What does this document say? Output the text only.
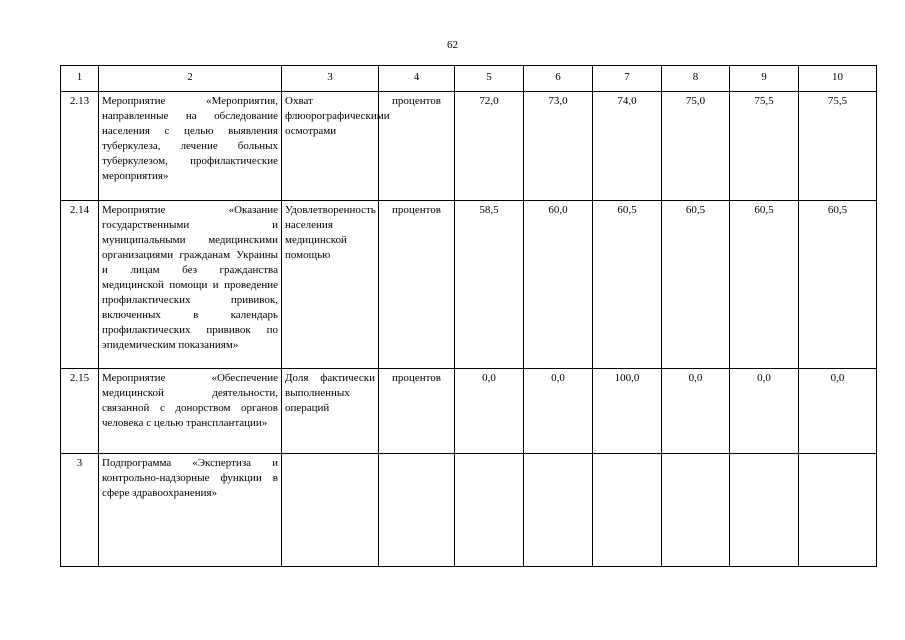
62
1	2	3	4	5	6	7	8	9	10
2.13	Мероприятие «Мероприятия, направленные на обследование населения с целью выявления туберкулеза, лечение больных туберкулезом, профилактические мероприятия»	Охват флюорографическими осмотрами	процентов	72,0	73,0	74,0	75,0	75,5	75,5
2.14	Мероприятие «Оказание государственными и муниципальными медицинскими организациями гражданам Украины и лицам без гражданства медицинской помощи и проведение профилактических прививок, включенных в календарь профилактических прививок по эпидемическим показаниям»	Удовлетворенность населения медицинской помощью	процентов	58,5	60,0	60,5	60,5	60,5	60,5
2.15	Мероприятие «Обеспечение медицинской деятельности, связанной с донорством органов человека с целью трансплантации»	Доля фактически выполненных операций	процентов	0,0	0,0	100,0	0,0	0,0	0,0
3	Подпрограмма «Экспертиза и контрольно-надзорные функции в сфере здравоохранения»								
